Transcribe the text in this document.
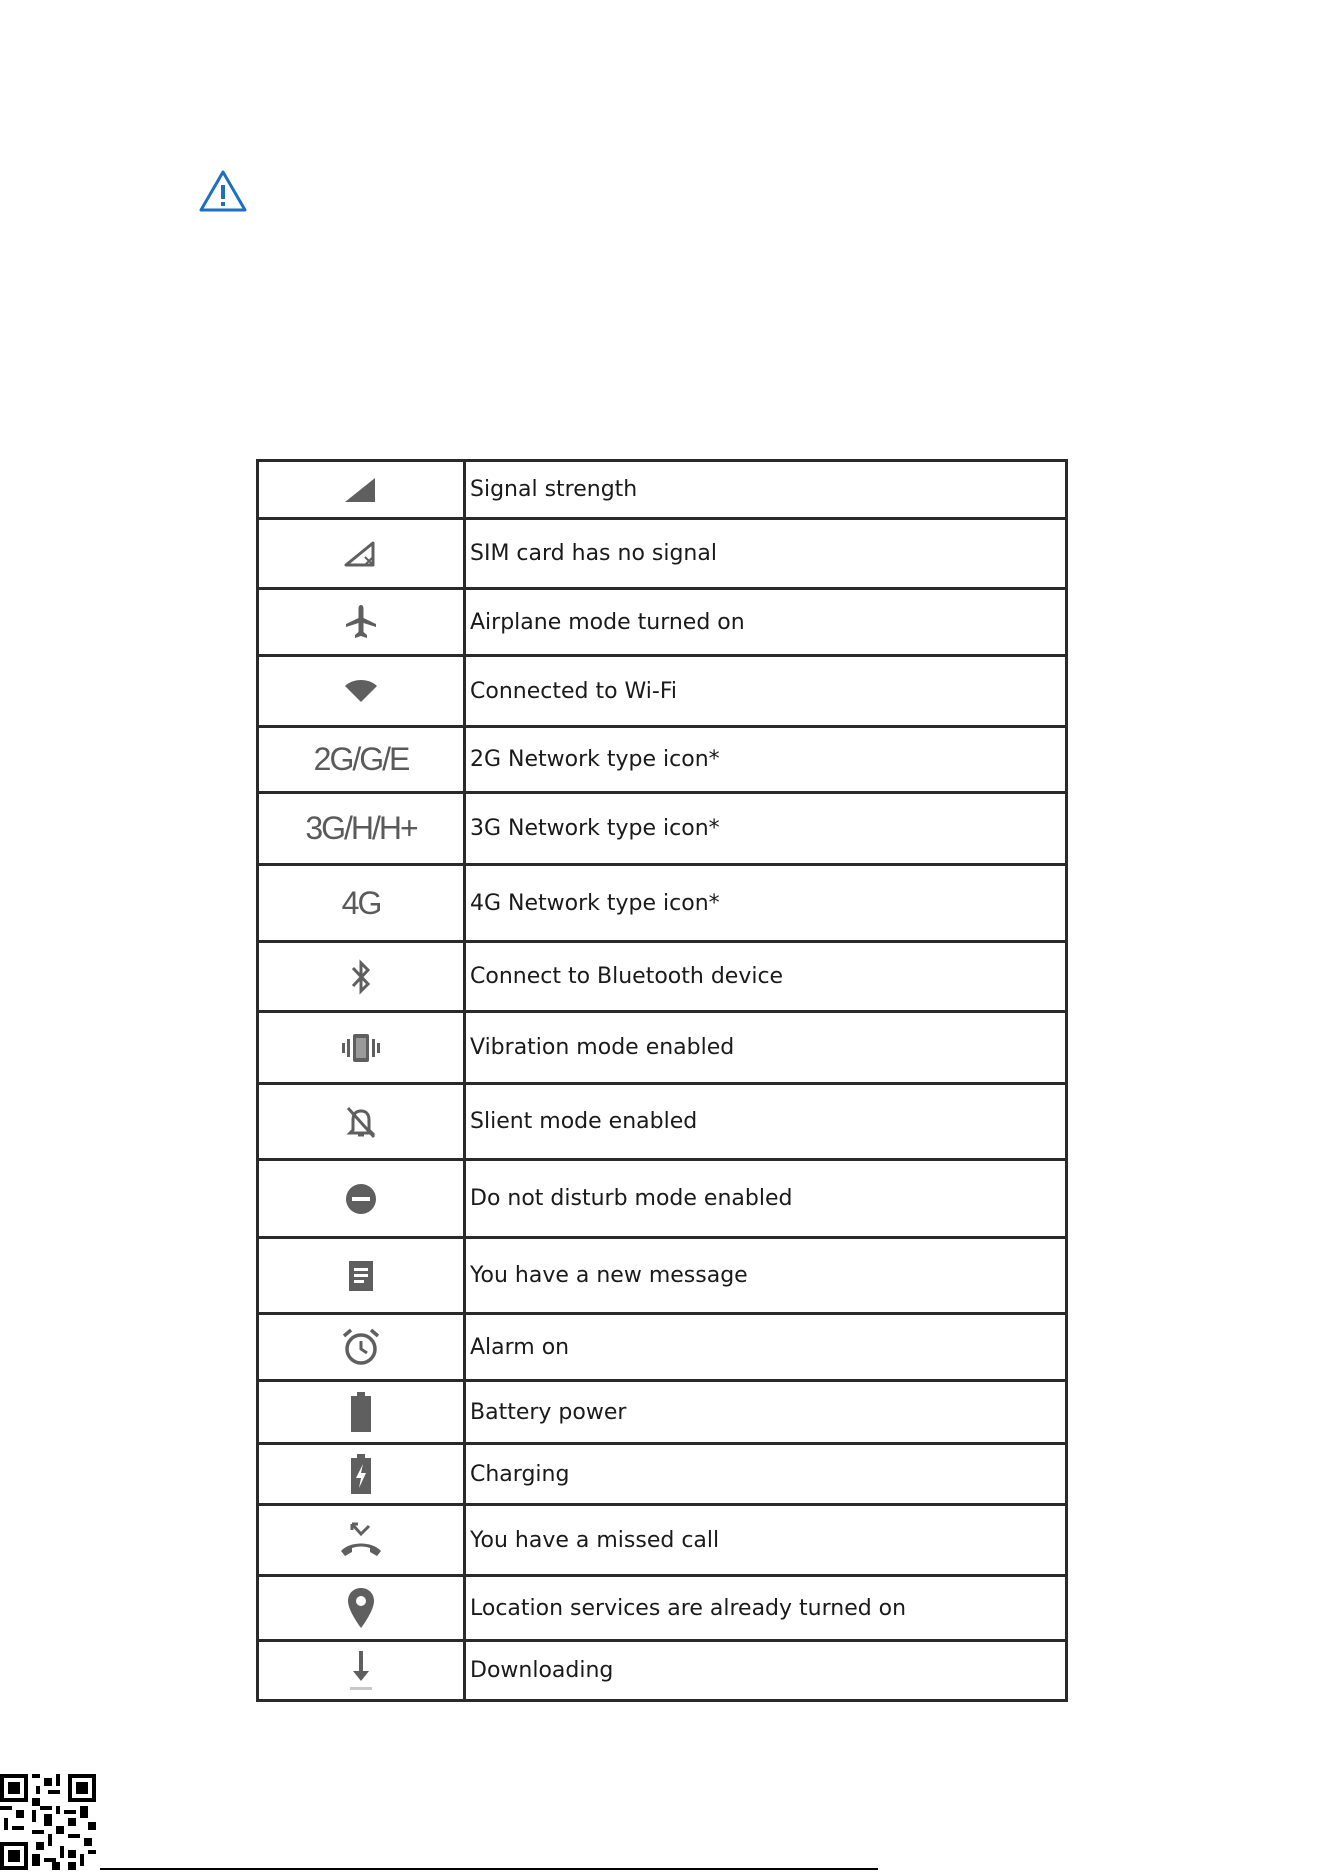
	Signal strength

	SIM card has no signal

	Airplane mode turned on

	Connected to Wi-Fi
2G/G/E	2G Network type icon*
3G/H/H+	3G Network type icon*
4G	4G Network type icon*

	Connect to Bluetooth device

	Vibration mode enabled

	Slient mode enabled

	Do not disturb mode enabled

	You have a new message

	Alarm on

	Battery power

	Charging

	You have a missed call

	Location services are already turned on

	Downloading
